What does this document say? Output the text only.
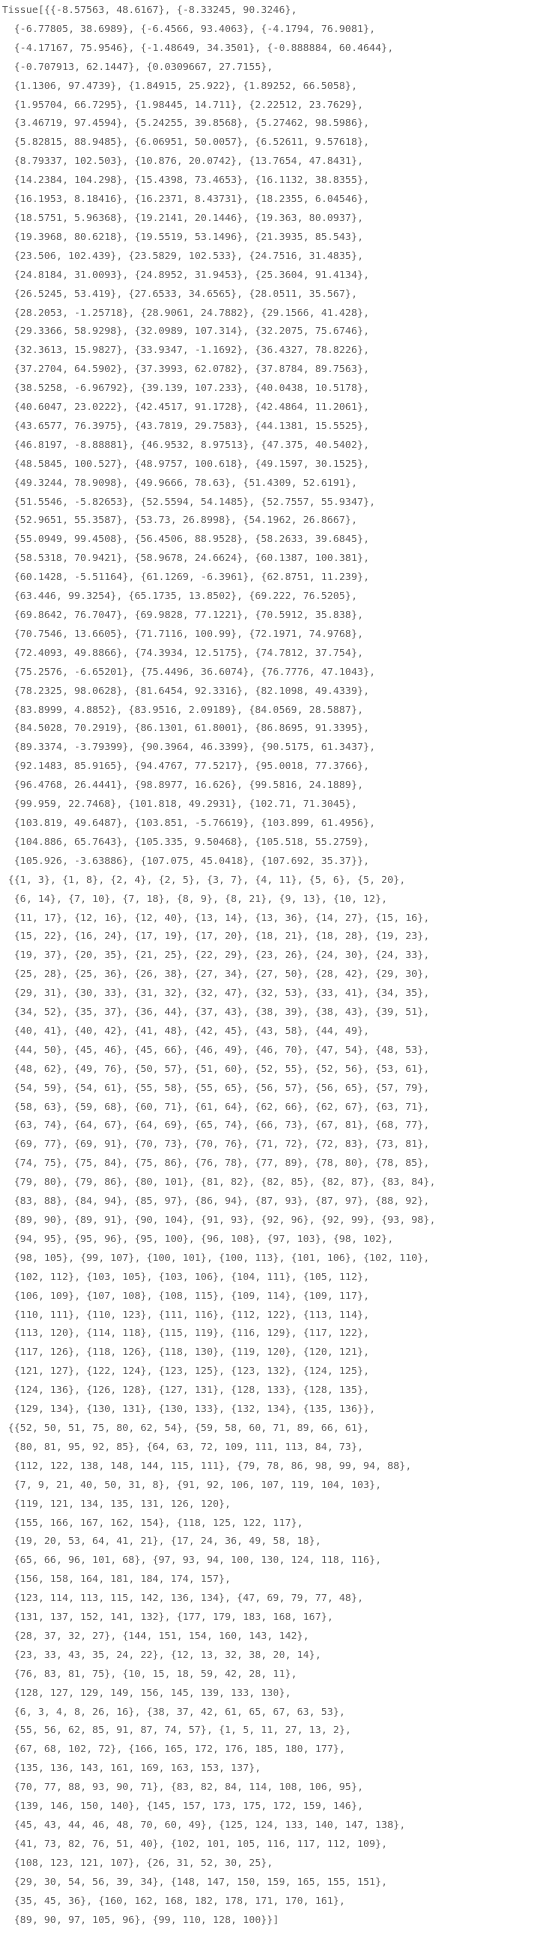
Tissue[{{-8.57563, 48.6167}, {-8.33245, 90.3246},
{-6.77805, 38.6989}, {-6.4566, 93.4063}, {-4.1794, 76.9081},
{-4.17167, 75.9546}, {-1.48649, 34.3501}, {-0.888884, 60.4644},
{-0.707913, 62.1447}, {0.0309667, 27.7155},
{1.1306, 97.4739}, {1.84915, 25.922}, {1.89252, 66.5058},
{1.95704, 66.7295}, {1.98445, 14.711}, {2.22512, 23.7629},
{3.46719, 97.4594}, {5.24255, 39.8568}, {5.27462, 98.5986},
{5.82815, 88.9485}, {6.06951, 50.0057}, {6.52611, 9.57618},
{8.79337, 102.503}, {10.876, 20.0742}, {13.7654, 47.8431},
{14.2384, 104.298}, {15.4398, 73.4653}, {16.1132, 38.8355},
{16.1953, 8.18416}, {16.2371, 8.43731}, {18.2355, 6.04546},
{18.5751, 5.96368}, {19.2141, 20.1446}, {19.363, 80.0937},
{19.3968, 80.6218}, {19.5519, 53.1496}, {21.3935, 85.543},
{23.506, 102.439}, {23.5829, 102.533}, {24.7516, 31.4835},
{24.8184, 31.0093}, {24.8952, 31.9453}, {25.3604, 91.4134},
{26.5245, 53.419}, {27.6533, 34.6565}, {28.0511, 35.567},
{28.2053, -1.25718}, {28.9061, 24.7882}, {29.1566, 41.428},
{29.3366, 58.9298}, {32.0989, 107.314}, {32.2075, 75.6746},
{32.3613, 15.9827}, {33.9347, -1.1692}, {36.4327, 78.8226},
{37.2704, 64.5902}, {37.3993, 62.0782}, {37.8784, 89.7563},
{38.5258, -6.96792}, {39.139, 107.233}, {40.0438, 10.5178},
{40.6047, 23.0222}, {42.4517, 91.1728}, {42.4864, 11.2061},
{43.6577, 76.3975}, {43.7819, 29.7583}, {44.1381, 15.5525},
{46.8197, -8.88881}, {46.9532, 8.97513}, {47.375, 40.5402},
{48.5845, 100.527}, {48.9757, 100.618}, {49.1597, 30.1525},
{49.3244, 78.9098}, {49.9666, 78.63}, {51.4309, 52.6191},
{51.5546, -5.82653}, {52.5594, 54.1485}, {52.7557, 55.9347},
{52.9651, 55.3587}, {53.73, 26.8998}, {54.1962, 26.8667},
{55.0949, 99.4508}, {56.4506, 88.9528}, {58.2633, 39.6845},
{58.5318, 70.9421}, {58.9678, 24.6624}, {60.1387, 100.381},
{60.1428, -5.51164}, {61.1269, -6.3961}, {62.8751, 11.239},
{63.446, 99.3254}, {65.1735, 13.8502}, {69.222, 76.5205},
{69.8642, 76.7047}, {69.9828, 77.1221}, {70.5912, 35.838},
{70.7546, 13.6605}, {71.7116, 100.99}, {72.1971, 74.9768},
{72.4093, 49.8866}, {74.3934, 12.5175}, {74.7812, 37.754},
{75.2576, -6.65201}, {75.4496, 36.6074}, {76.7776, 47.1043},
{78.2325, 98.0628}, {81.6454, 92.3316}, {82.1098, 49.4339},
{83.8999, 4.8852}, {83.9516, 2.09189}, {84.0569, 28.5887},
{84.5028, 70.2919}, {86.1301, 61.8001}, {86.8695, 91.3395},
{89.3374, -3.79399}, {90.3964, 46.3399}, {90.5175, 61.3437},
{92.1483, 85.9165}, {94.4767, 77.5217}, {95.0018, 77.3766},
{96.4768, 26.4441}, {98.8977, 16.626}, {99.5816, 24.1889},
{99.959, 22.7468}, {101.818, 49.2931}, {102.71, 71.3045},
{103.819, 49.6487}, {103.851, -5.76619}, {103.899, 61.4956},
{104.886, 65.7643}, {105.335, 9.50468}, {105.518, 55.2759},
{105.926, -3.63886}, {107.075, 45.0418}, {107.692, 35.37}},
{{1, 3}, {1, 8}, {2, 4}, {2, 5}, {3, 7}, {4, 11}, {5, 6}, {5, 20},
{6, 14}, {7, 10}, {7, 18}, {8, 9}, {8, 21}, {9, 13}, {10, 12},
{11, 17}, {12, 16}, {12, 40}, {13, 14}, {13, 36}, {14, 27}, {15, 16},
{15, 22}, {16, 24}, {17, 19}, {17, 20}, {18, 21}, {18, 28}, {19, 23},
{19, 37}, {20, 35}, {21, 25}, {22, 29}, {23, 26}, {24, 30}, {24, 33},
{25, 28}, {25, 36}, {26, 38}, {27, 34}, {27, 50}, {28, 42}, {29, 30},
{29, 31}, {30, 33}, {31, 32}, {32, 47}, {32, 53}, {33, 41}, {34, 35},
{34, 52}, {35, 37}, {36, 44}, {37, 43}, {38, 39}, {38, 43}, {39, 51},
{40, 41}, {40, 42}, {41, 48}, {42, 45}, {43, 58}, {44, 49},
{44, 50}, {45, 46}, {45, 66}, {46, 49}, {46, 70}, {47, 54}, {48, 53},
{48, 62}, {49, 76}, {50, 57}, {51, 60}, {52, 55}, {52, 56}, {53, 61},
{54, 59}, {54, 61}, {55, 58}, {55, 65}, {56, 57}, {56, 65}, {57, 79},
{58, 63}, {59, 68}, {60, 71}, {61, 64}, {62, 66}, {62, 67}, {63, 71},
{63, 74}, {64, 67}, {64, 69}, {65, 74}, {66, 73}, {67, 81}, {68, 77},
{69, 77}, {69, 91}, {70, 73}, {70, 76}, {71, 72}, {72, 83}, {73, 81},
{74, 75}, {75, 84}, {75, 86}, {76, 78}, {77, 89}, {78, 80}, {78, 85},
{79, 80}, {79, 86}, {80, 101}, {81, 82}, {82, 85}, {82, 87}, {83, 84},
{83, 88}, {84, 94}, {85, 97}, {86, 94}, {87, 93}, {87, 97}, {88, 92},
{89, 90}, {89, 91}, {90, 104}, {91, 93}, {92, 96}, {92, 99}, {93, 98},
{94, 95}, {95, 96}, {95, 100}, {96, 108}, {97, 103}, {98, 102},
{98, 105}, {99, 107}, {100, 101}, {100, 113}, {101, 106}, {102, 110},
{102, 112}, {103, 105}, {103, 106}, {104, 111}, {105, 112},
{106, 109}, {107, 108}, {108, 115}, {109, 114}, {109, 117},
{110, 111}, {110, 123}, {111, 116}, {112, 122}, {113, 114},
{113, 120}, {114, 118}, {115, 119}, {116, 129}, {117, 122},
{117, 126}, {118, 126}, {118, 130}, {119, 120}, {120, 121},
{121, 127}, {122, 124}, {123, 125}, {123, 132}, {124, 125},
{124, 136}, {126, 128}, {127, 131}, {128, 133}, {128, 135},
{129, 134}, {130, 131}, {130, 133}, {132, 134}, {135, 136}},
{{52, 50, 51, 75, 80, 62, 54}, {59, 58, 60, 71, 89, 66, 61},
{80, 81, 95, 92, 85}, {64, 63, 72, 109, 111, 113, 84, 73},
{112, 122, 138, 148, 144, 115, 111}, {79, 78, 86, 98, 99, 94, 88},
{7, 9, 21, 40, 50, 31, 8}, {91, 92, 106, 107, 119, 104, 103},
{119, 121, 134, 135, 131, 126, 120},
{155, 166, 167, 162, 154}, {118, 125, 122, 117},
{19, 20, 53, 64, 41, 21}, {17, 24, 36, 49, 58, 18},
{65, 66, 96, 101, 68}, {97, 93, 94, 100, 130, 124, 118, 116},
{156, 158, 164, 181, 184, 174, 157},
{123, 114, 113, 115, 142, 136, 134}, {47, 69, 79, 77, 48},
{131, 137, 152, 141, 132}, {177, 179, 183, 168, 167},
{28, 37, 32, 27}, {144, 151, 154, 160, 143, 142},
{23, 33, 43, 35, 24, 22}, {12, 13, 32, 38, 20, 14},
{76, 83, 81, 75}, {10, 15, 18, 59, 42, 28, 11},
{128, 127, 129, 149, 156, 145, 139, 133, 130},
{6, 3, 4, 8, 26, 16}, {38, 37, 42, 61, 65, 67, 63, 53},
{55, 56, 62, 85, 91, 87, 74, 57}, {1, 5, 11, 27, 13, 2},
{67, 68, 102, 72}, {166, 165, 172, 176, 185, 180, 177},
{135, 136, 143, 161, 169, 163, 153, 137},
{70, 77, 88, 93, 90, 71}, {83, 82, 84, 114, 108, 106, 95},
{139, 146, 150, 140}, {145, 157, 173, 175, 172, 159, 146},
{45, 43, 44, 46, 48, 70, 60, 49}, {125, 124, 133, 140, 147, 138},
{41, 73, 82, 76, 51, 40}, {102, 101, 105, 116, 117, 112, 109},
{108, 123, 121, 107}, {26, 31, 52, 30, 25},
{29, 30, 54, 56, 39, 34}, {148, 147, 150, 159, 165, 155, 151},
{35, 45, 36}, {160, 162, 168, 182, 178, 171, 170, 161},
{89, 90, 97, 105, 96}, {99, 110, 128, 100}}]
